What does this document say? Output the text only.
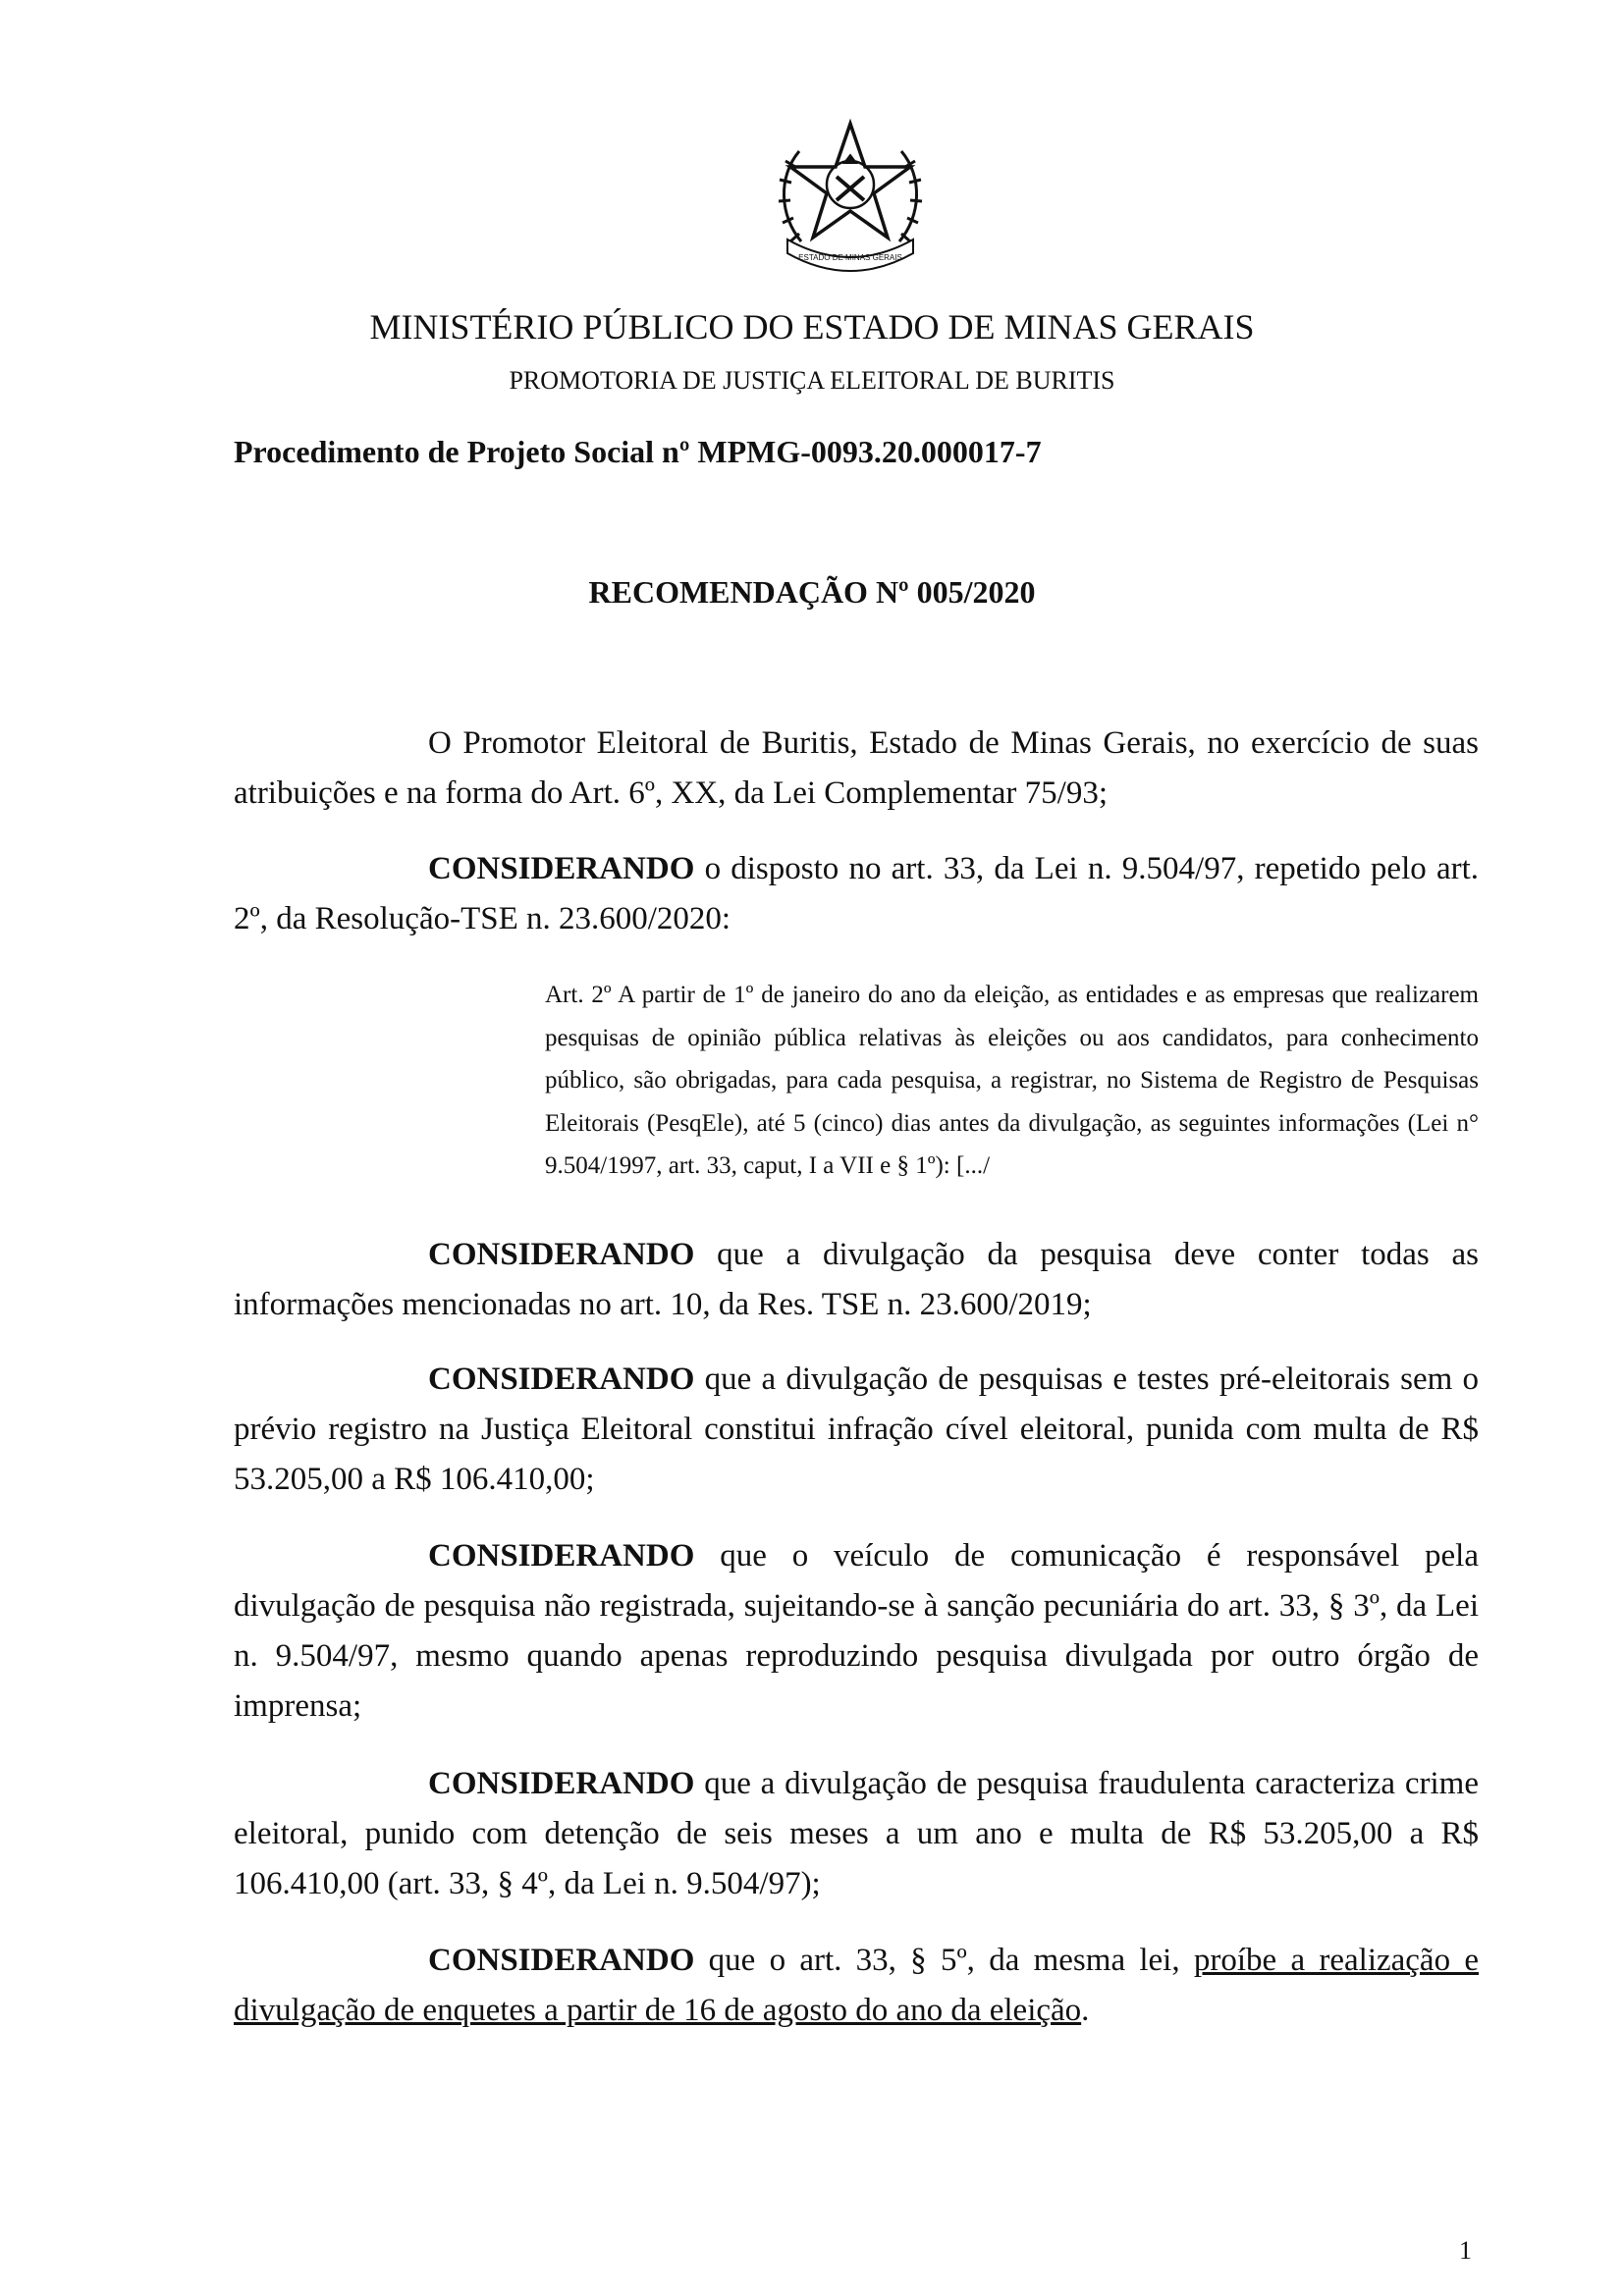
ESTADO DE MINAS GERAIS
MINISTÉRIO PÚBLICO DO ESTADO DE MINAS GERAIS
PROMOTORIA DE JUSTIÇA ELEITORAL DE BURITIS
Procedimento de Projeto Social nº MPMG-0093.20.000017-7
RECOMENDAÇÃO Nº 005/2020

O Promotor Eleitoral de Buritis, Estado de Minas Gerais, no exercício de suas atribuições e na forma do Art. 6º, XX, da Lei Complementar 75/93;

CONSIDERANDO o disposto no art. 33, da Lei n. 9.504/97, repetido pelo art. 2º, da Resolução-TSE n. 23.600/2020:

Art. 2º A partir de 1º de janeiro do ano da eleição, as entidades e as empresas que realizarem pesquisas de opinião pública relativas às eleições ou aos candidatos, para conhecimento público, são obrigadas, para cada pesquisa, a registrar, no Sistema de Registro de Pesquisas Eleitorais (PesqEle), até 5 (cinco) dias antes da divulgação, as seguintes informações (Lei n° 9.504/1997, art. 33, caput, I a VII e § 1º): [.../

CONSIDERANDO que a divulgação da pesquisa deve conter todas as informações mencionadas no art. 10, da Res. TSE n. 23.600/2019;

CONSIDERANDO que a divulgação de pesquisas e testes pré-eleitorais sem o prévio registro na Justiça Eleitoral constitui infração cível eleitoral, punida com multa de R$ 53.205,00 a R$ 106.410,00;

CONSIDERANDO que o veículo de comunicação é responsável pela divulgação de pesquisa não registrada, sujeitando-se à sanção pecuniária do art. 33, § 3º, da Lei n. 9.504/97, mesmo quando apenas reproduzindo pesquisa divulgada por outro órgão de imprensa;

CONSIDERANDO que a divulgação de pesquisa fraudulenta caracteriza crime eleitoral, punido com detenção de seis meses a um ano e multa de R$ 53.205,00 a R$ 106.410,00 (art. 33, § 4º, da Lei n. 9.504/97);

CONSIDERANDO que o art. 33, § 5º, da mesma lei, proíbe a realização e divulgação de enquetes a partir de 16 de agosto do ano da eleição.

1
